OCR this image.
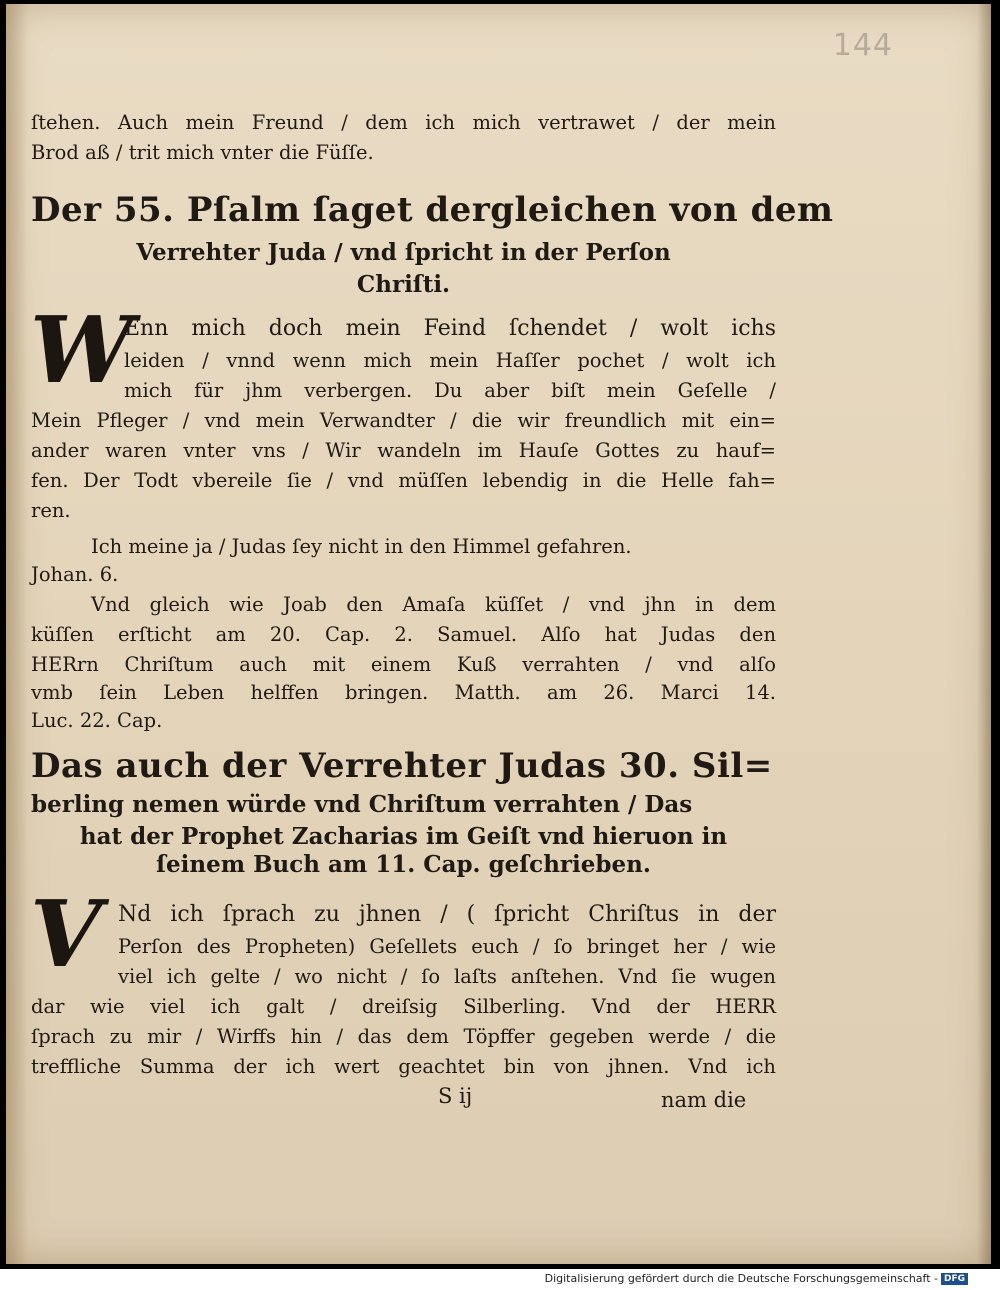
144
ſtehen. Auch mein Freund / dem ich mich vertrawet / der mein
Brod aß / trit mich vnter die Füſſe.
Der 55. Pſalm ſaget dergleichen von dem
Verrehter Juda / vnd ſpricht in der Perſon
Chriſti.
W
Enn mich doch mein Feind ſchendet / wolt ichs
leiden / vnnd wenn mich mein Haſſer pochet / wolt ich
mich für jhm verbergen. Du aber biſt mein Geſelle /
Mein Pfleger / vnd mein Verwandter / die wir freundlich mit ein=
ander waren vnter vns / Wir wandeln im Hauſe Gottes zu hauf=
fen. Der Todt vbereile ſie / vnd müſſen lebendig in die Helle fah=
ren.
Ich meine ja / Judas ſey nicht in den Himmel gefahren.
Johan. 6.
Vnd gleich wie Joab den Amaſa küſſet / vnd jhn in dem
küſſen erſticht am 20. Cap. 2. Samuel. Alſo hat Judas den
HERrn Chriſtum auch mit einem Kuß verrahten / vnd alſo
vmb ſein Leben helffen bringen. Matth. am 26. Marci 14.
Luc. 22. Cap.
Das auch der Verrehter Judas 30. Sil=
berling nemen würde vnd Chriſtum verrahten / Das
hat der Prophet Zacharias im Geiſt vnd hieruon in
ſeinem Buch am 11. Cap. geſchrieben.
V Nd ich ſprach zu jhnen / ( ſpricht Chriſtus in der
Perſon des Propheten) Geſellets euch / ſo bringet her / wie
viel ich gelte / wo nicht / ſo laſts anſtehen. Vnd ſie wugen
dar wie viel ich galt / dreiſsig Silberling. Vnd der HERR
ſprach zu mir / Wirffs hin / das dem Töpffer gegeben werde / die
treffliche Summa der ich wert geachtet bin von jhnen. Vnd ich
S ij	nam die
Digitalisierung gefördert durch die Deutsche Forschungsgemeinschaft - DFG
